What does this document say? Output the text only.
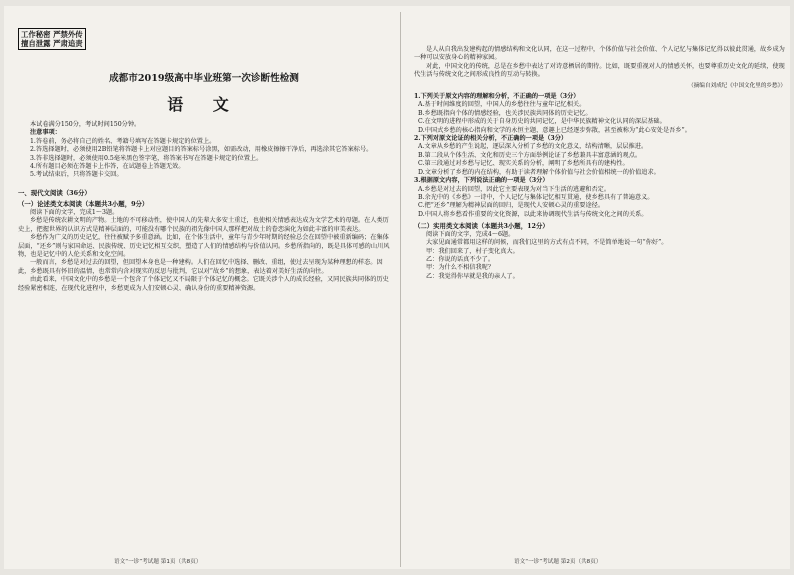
工作秘密 严禁外传
擅自泄露 严肃追责
成都市2019级高中毕业班第一次诊断性检测
语 文

本试卷满分150分，考试时间150分钟。

注意事项：

1.答卷前，务必将自己的姓名、考籍号填写在答题卡规定的位置上。

2.答选择题时，必须使用2B铅笔将答题卡上对应题目的答案标号涂黑，如需改动，用橡皮擦擦干净后，再选涂其它答案标号。

3.答非选择题时，必须使用0.5毫米黑色签字笔，将答案书写在答题卡规定的位置上。

4.所有题目必须在答题卡上作答，在试题卷上答题无效。

5.考试结束后，只将答题卡交回。

一、现代文阅读（36分）

（一）论述类文本阅读（本题共3小题，9分）

阅读下面的文字，完成1～3题。

乡愁是传统农耕文明的产物。土地的不可移动性，使中国人的先辈大多安土重迁，也使相关情感表达成为文学艺术的母题。在人类历史上，把握世界的认识方式是精神层面的，可能没有哪个民族的祖先像中国人那样把对故土的眷恋演化为如此丰富的审美表达。

乡愁作为广义的历史记忆，往往被赋予多重意涵。比如，在个体生活中，童年与青少年时期的经验总会在回望中被重新编码；在集体层面，“还乡”则与家国命运、民族传统、历史记忆相互交织，塑造了人们的情感结构与价值认同。乡愁所指向的，既是具体可感的山川风物，也是记忆中的人伦关系和文化空间。

一般而言，乡愁是对过去的回望，但回望本身也是一种建构。人们在回忆中选择、删改、重组，使过去呈现为某种理想的样态。因此，乡愁既具有怀旧的温情，也常常内含对现实的反思与批判，它以对“故乡”的想象，表达着对美好生活的向往。

由此看来，中国文化中的乡愁是一个包含了个体记忆又不局限于个体记忆的概念。它既关涉个人的成长经验，又同民族共同体的历史经验紧密相连，在现代化进程中，乡愁更成为人们安顿心灵、确认身份的重要精神资源。

是人从自我出发建构起的情感结构和文化认同，在这一过程中，个体价值与社会价值、个人记忆与集体记忆得以彼此贯通，故乡成为一种可以安放身心的精神家园。

对此，中国文化的传统，总是在乡愁中表达了对诗意栖居的期待。比如，既要重视对人的情感关怀，也要尊重历史文化的延续，使现代生活与传统文化之间形成良性的互动与转换。

（摘编自刘成纪《中国文化里的乡愁》）

1.下列关于原文内容的理解和分析，不正确的一项是（3分）

A.基于时间维度的回望，中国人的乡愁往往与童年记忆相关。

B.乡愁既指向个体的情感经验，也关涉民族共同体的历史记忆。

C.在文明的进程中形成的关于自身历史的共同记忆，是中华民族精神文化认同的深层基础。

D.中国式乡愁的核心指向和文学的永恒主题，意趣上已经逐步弥散，甚至被称为“此心安处是吾乡”。

2.下列对原文论证的相关分析，不正确的一项是（3分）

A.文章从乡愁的产生说起，逐层深入分析了乡愁的文化意义，结构清晰，层层推进。

B.第二段从个体生活、文化和历史三个方面举例论证了乡愁兼具丰富意涵的观点。

C.第三段通过对乡愁与记忆、现实关系的分析，阐明了乡愁所具有的建构性。

D.文章分析了乡愁的内在结构，有助于读者理解个体价值与社会价值相统一的价值追求。

3.根据原文内容，下列说法正确的一项是（3分）

A.乡愁是对过去的回望，因此它主要表现为对当下生活的逃避和否定。

B.余光中的《乡愁》一诗中，个人记忆与集体记忆相互贯通，使乡愁具有了普遍意义。

C.把“还乡”理解为精神层面的回归，是现代人安顿心灵的重要途径。

D.中国人将乡愁看作重要的文化资源，以此来协调现代生活与传统文化之间的关系。

（二）实用类文本阅读（本题共3小题，12分）

阅读下面的文字，完成4～6题。

大家见面通常都用这样的问候，而我们这里的方式有点不同，不是简单地说一句“你好”。

甲：我们回来了，村子变化真大。

乙：你说的话真不少了。

甲：为什么不相信我呢？

乙：我觉得你早就是我的亲人了。

语文“一诊”考试题 第1页（共8页）	语文“一诊”考试题 第2页（共8页）
